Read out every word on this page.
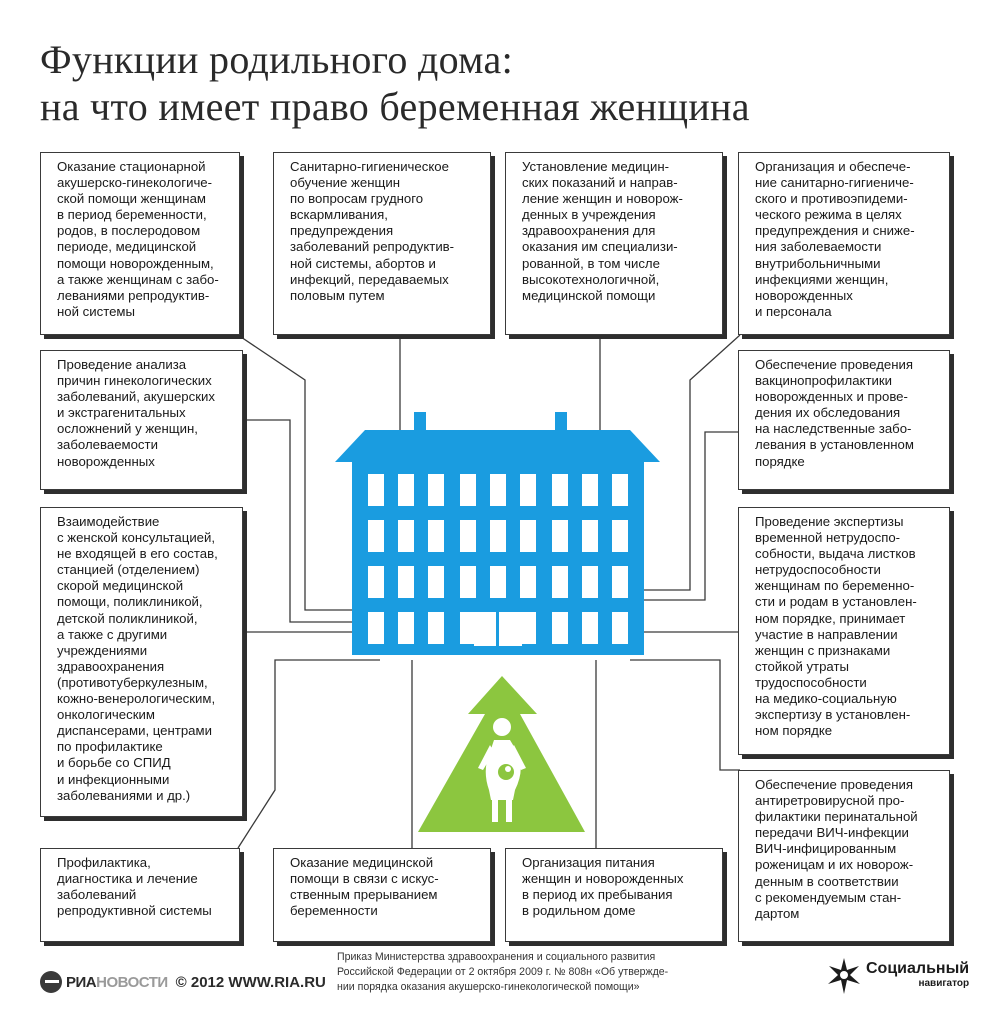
Функции родильного дома:
на что имеет право беременная женщина

Оказание стационарной
акушерско-гинекологиче-
ской помощи женщинам
в период беременности,
родов, в послеродовом
периоде, медицинской
помощи новорожденным,
а также женщинам с забо-
леваниями репродуктив-
ной системы

Санитарно-гигиеническое
обучение женщин
по вопросам грудного
вскармливания,
предупреждения
заболеваний репродуктив-
ной системы, абортов и
инфекций, передаваемых
половым путем

Установление медицин-
ских показаний и направ-
ление женщин и новорож-
денных в учреждения
здравоохранения для
оказания им специализи-
рованной, в том числе
высокотехнологичной,
медицинской помощи

Организация и обеспече-
ние санитарно-гигиениче-
ского и противоэпидеми-
ческого режима в целях
предупреждения и сниже-
ния заболеваемости
внутрибольничными
инфекциями женщин,
новорожденных
и персонала

Проведение анализа
причин гинекологических
заболеваний, акушерских
и экстрагенитальных
осложнений у женщин,
заболеваемости
новорожденных

Обеспечение проведения
вакцинопрофилактики
новорожденных и прове-
дения их обследования
на наследственные забо-
левания в установленном
порядке

Взаимодействие
с женской консультацией,
не входящей в его состав,
станцией (отделением)
скорой медицинской
помощи, поликлиникой,
детской поликлиникой,
а также с другими
учреждениями
здравоохранения
(противотуберкулезным,
кожно-венерологическим,
онкологическим
диспансерами, центрами
по профилактике
и борьбе со СПИД
и инфекционными
заболеваниями и др.)

Проведение экспертизы
временной нетрудоспо-
собности, выдача листков
нетрудоспособности
женщинам по беременно-
сти и родам в установлен-
ном порядке, принимает
участие в направлении
женщин с признаками
стойкой утраты
трудоспособности
на медико-социальную
экспертизу в установлен-
ном порядке

Обеспечение проведения
антиретровирусной про-
филактики перинатальной
передачи ВИЧ-инфекции
ВИЧ-инфицированным
роженицам и их новорож-
денным в соответствии
с рекомендуемым стан-
дартом

Профилактика,
диагностика и лечение
заболеваний
репродуктивной системы

Оказание медицинской
помощи в связи с искус-
ственным прерыванием
беременности

Организация питания
женщин и новорожденных
в период их пребывания
в родильном доме

РИА НОВОСТИ © 2012 WWW.RIA.RU

Приказ Министерства здравоохранения и социального развития
Российской Федерации от 2 октября 2009 г. № 808н «Об утвержде-
нии порядка оказания акушерско-гинекологической помощи»

Социальный
навигатор
